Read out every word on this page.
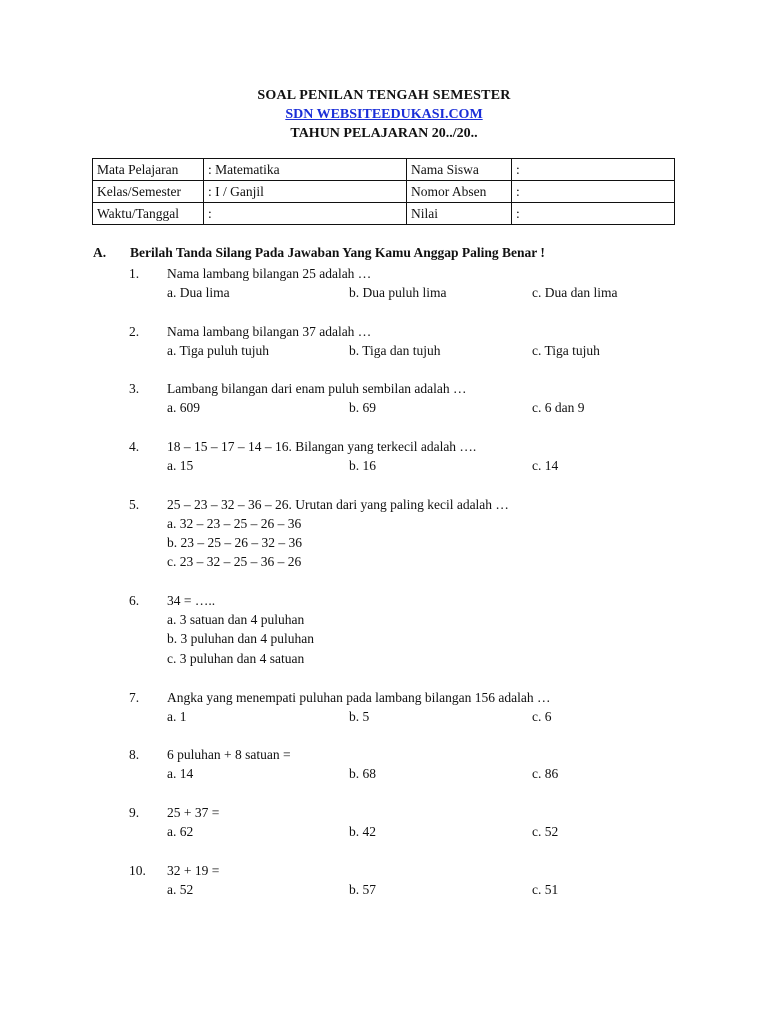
SOAL PENILAN TENGAH SEMESTER
SDN WEBSITEEDUKASI.COM
TAHUN PELAJARAN 20../20..
Mata Pelajaran	: Matematika	Nama Siswa	:
Kelas/Semester	: I / Ganjil	Nomor Absen	:
Waktu/Tanggal	:	Nilai	:
A. Berilah Tanda Silang Pada Jawaban Yang Kamu Anggap Paling Benar !
1. Nama lambang bilangan 25 adalah …
a. Dua lima	b. Dua puluh lima	c. Dua dan lima
2. Nama lambang bilangan 37 adalah …
a. Tiga puluh tujuh	b. Tiga dan tujuh	c. Tiga tujuh
3. Lambang bilangan dari enam puluh sembilan adalah …
a. 609	b. 69	c. 6 dan 9
4. 18 – 15 – 17 – 14 – 16. Bilangan yang terkecil adalah ….
a. 15	b. 16	c. 14
5. 25 – 23 – 32 – 36 – 26. Urutan dari yang paling kecil adalah …
a. 32 – 23 – 25 – 26 – 36
b. 23 – 25 – 26 – 32 – 36
c. 23 – 32 – 25 – 36 – 26
6. 34 = …..
a. 3 satuan dan 4 puluhan
b. 3 puluhan dan 4 puluhan
c. 3 puluhan dan 4 satuan
7. Angka yang menempati puluhan pada lambang bilangan 156 adalah …
a. 1	b. 5	c. 6
8. 6 puluhan + 8 satuan =
a. 14	b. 68	c. 86
9. 25 + 37 =
a. 62	b. 42	c. 52
10. 32 + 19 =
a. 52	b. 57	c. 51
